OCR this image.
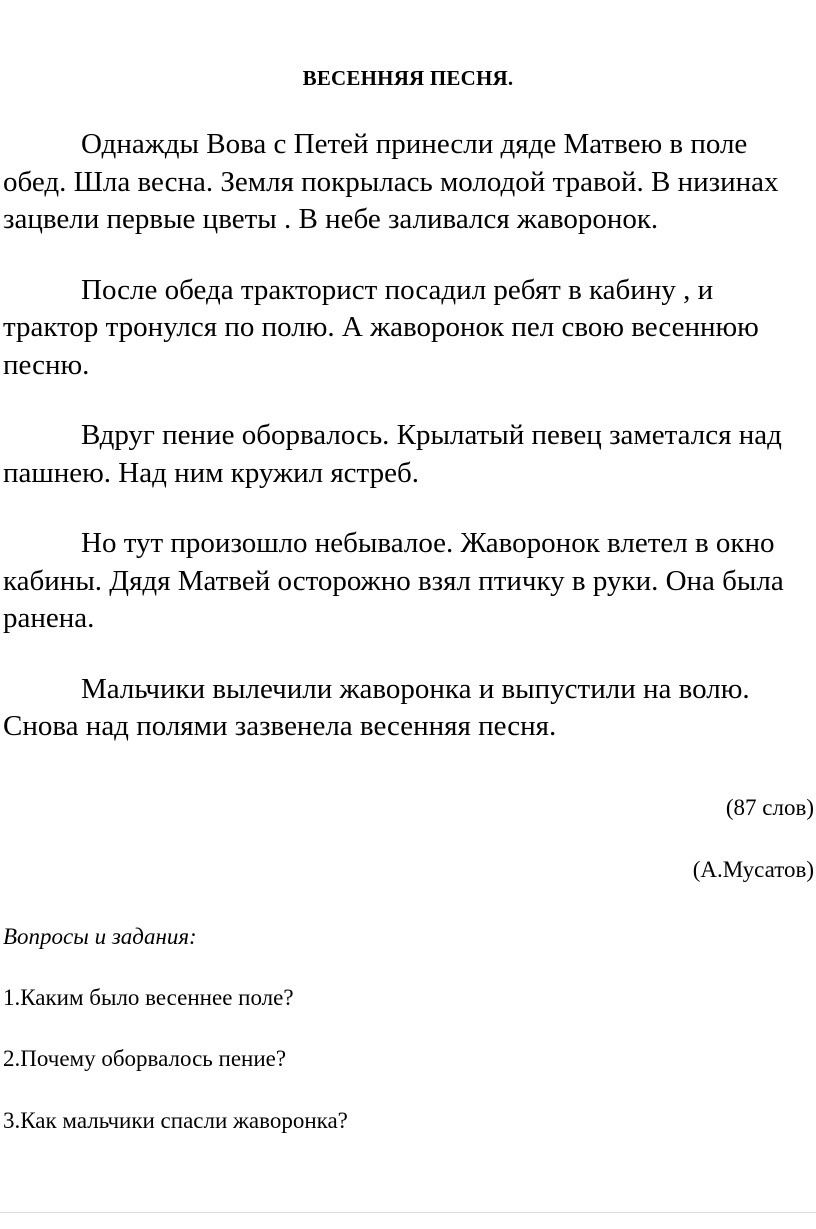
ВЕСЕННЯЯ ПЕСНЯ.

Однажды Вова с Петей принесли дяде Матвею в поле обед. Шла весна. Земля покрылась молодой травой. В низинах зацвели первые цветы . В небе заливался жаворонок.

После обеда тракторист посадил ребят в кабину , и трактор тронулся по полю. А жаворонок пел свою весеннюю песню.

Вдруг пение оборвалось. Крылатый певец заметался над пашнею. Над ним кружил ястреб.

Но тут произошло небывалое. Жаворонок влетел в окно кабины. Дядя Матвей осторожно взял птичку в руки. Она была ранена.

Мальчики вылечили жаворонка и выпустили на волю. Снова над полями зазвенела весенняя песня.

(87 слов)
(А.Мусатов)
Вопросы и задания:
1.Каким было весеннее поле?
2.Почему оборвалось пение?
3.Как мальчики спасли жаворонка?
